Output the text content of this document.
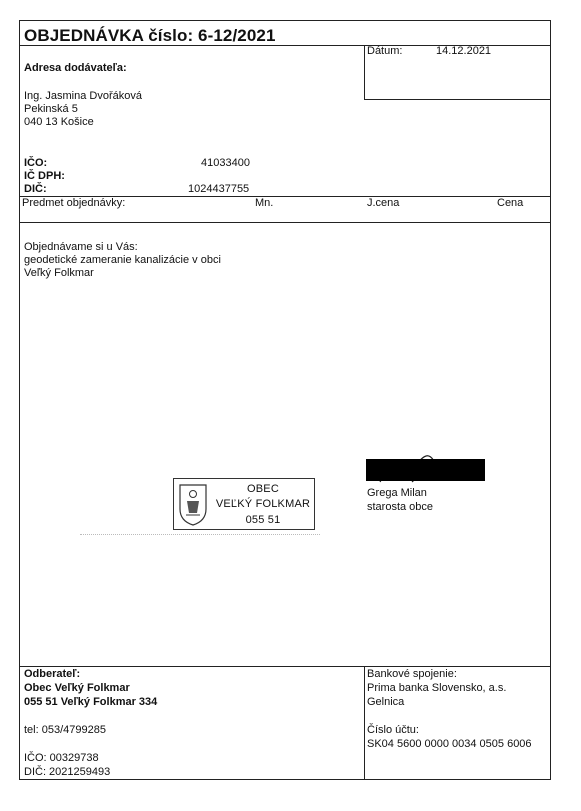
OBJEDNÁVKA číslo: 6-12/2021
Dátum:	14.12.2021
Adresa dodávateľa:
Ing. Jasmina Dvořáková
Pekinská 5
040 13 Košice
IČO:	41033400
IČ DPH:
DIČ:	1024437755
Predmet objednávky:	Mn.	J.cena	Cena
Objednávame si u Vás:
geodetické zameranie kanalizácie v obci
Veľký Folkmar
OBEC
VEĽKÝ FOLKMAR
055 51
Grega Milan
starosta obce
Odberateľ:
Obec Veľký Folkmar
055 51 Veľký Folkmar 334
tel: 053/4799285
IČO: 00329738
DIČ: 2021259493
Bankové spojenie:
Prima banka Slovensko, a.s.
Gelnica
Číslo účtu:
SK04 5600 0000 0034 0505 6006
